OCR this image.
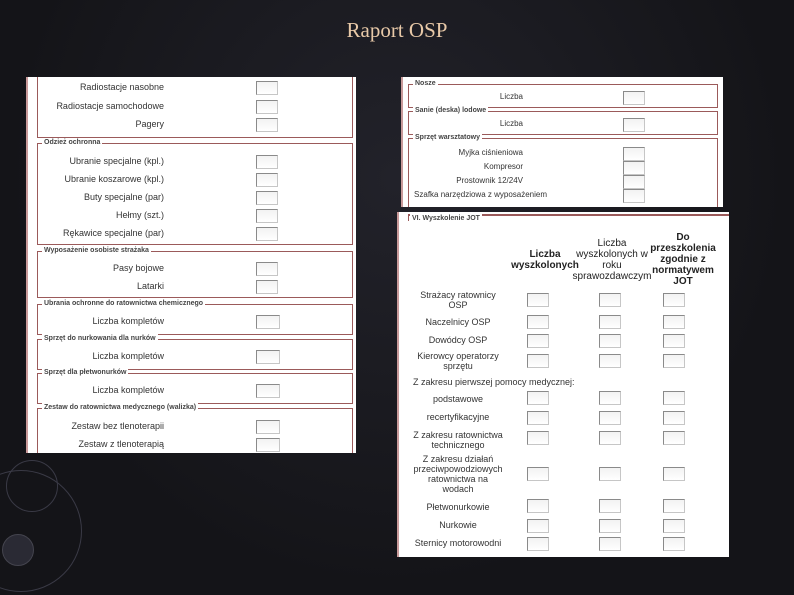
Raport OSP
Radiostacje nasobne
Radiostacje samochodowe
Pagery
Odzież ochronna
Ubranie specjalne (kpl.)
Ubranie koszarowe (kpl.)
Buty specjalne (par)
Hełmy (szt.)
Rękawice specjalne (par)
Wyposażenie osobiste strażaka
Pasy bojowe
Latarki
Ubrania ochronne do ratownictwa chemicznego
Liczba kompletów
Sprzęt do nurkowania dla nurków
Liczba kompletów
Sprzęt dla płetwonurków
Liczba kompletów
Zestaw do ratownictwa medycznego (walizka)
Zestaw bez tlenoterapii
Zestaw z tlenoterapią
Nosze
Liczba
Sanie (deska) lodowe
Liczba
Sprzęt warsztatowy
Myjka ciśnieniowa
Kompresor
Prostownik 12/24V
Szafka narzędziowa z wyposażeniem
VI. Wyszkolenie JOT
Liczba wyszkolonych
Liczba wyszkolonych w roku sprawozdawczym
Do przeszkolenia zgodnie z normatywem JOT
Strażacy ratownicy OSP
Naczelnicy OSP
Dowódcy OSP
Kierowcy operatorzy sprzętu
Z zakresu pierwszej pomocy medycznej:
podstawowe
recertyfikacyjne
Z zakresu ratownictwa technicznego
Z zakresu działań przeciwpowodziowych ratownictwa na wodach
Płetwonurkowie
Nurkowie
Sternicy motorowodni
